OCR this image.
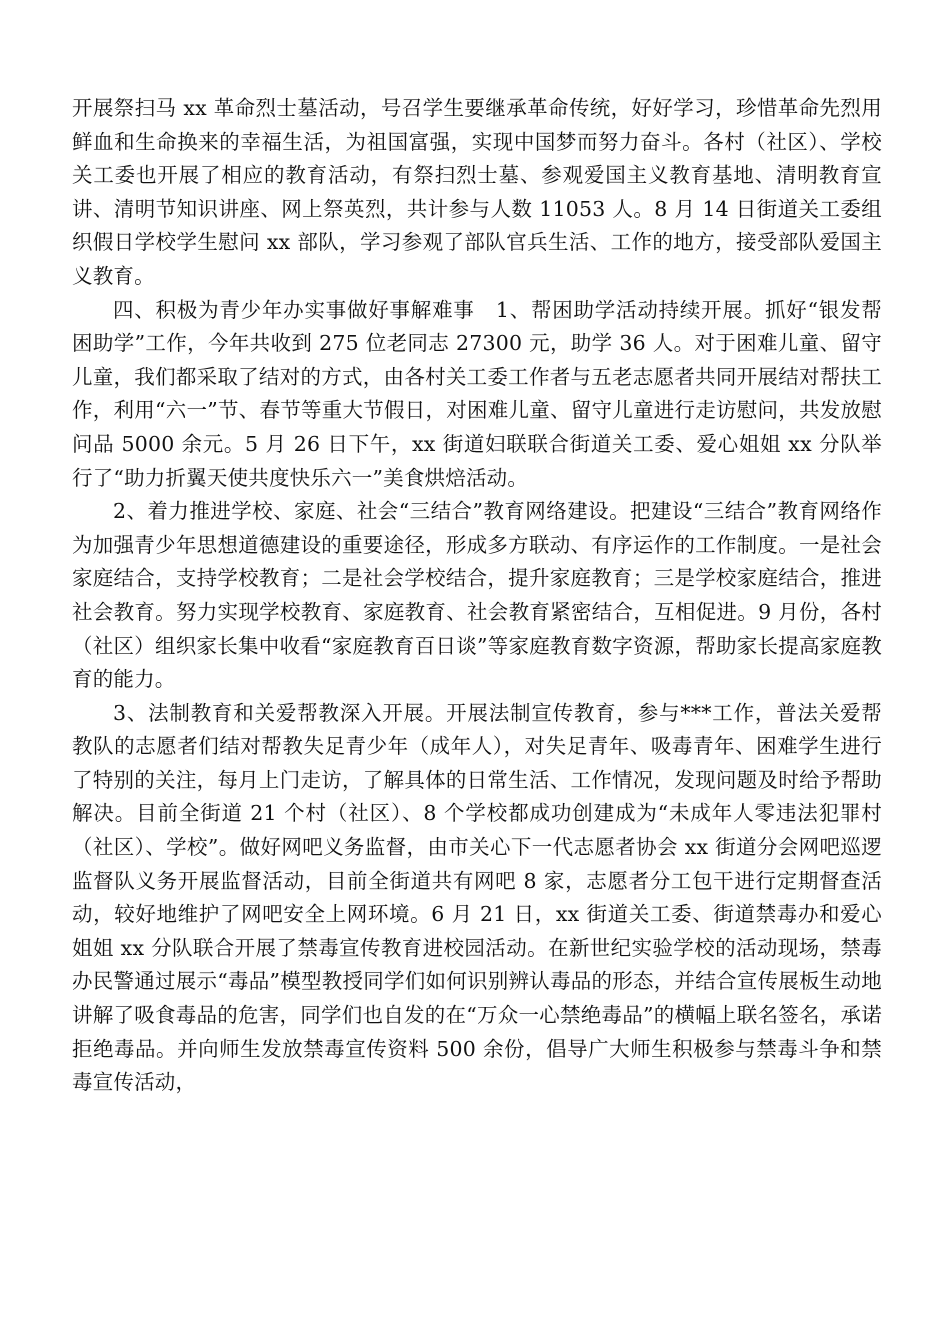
开展祭扫马 xx 革命烈士墓活动，号召学生要继承革命传统，好好学习，珍惜革命先烈用鲜血和生命换来的幸福生活，为祖国富强，实现中国梦而努力奋斗。各村（社区）、学校关工委也开展了相应的教育活动，有祭扫烈士墓、参观爱国主义教育基地、清明教育宣讲、清明节知识讲座、网上祭英烈，共计参与人数 11053 人。8 月 14 日街道关工委组织假日学校学生慰问 xx 部队，学习参观了部队官兵生活、工作的地方，接受部队爱国主义教育。

四、积极为青少年办实事做好事解难事　1、帮困助学活动持续开展。抓好“银发帮困助学”工作，今年共收到 275 位老同志 27300 元，助学 36 人。对于困难儿童、留守儿童，我们都采取了结对的方式，由各村关工委工作者与五老志愿者共同开展结对帮扶工作，利用“六一”节、春节等重大节假日，对困难儿童、留守儿童进行走访慰问，共发放慰问品 5000 余元。5 月 26 日下午，xx 街道妇联联合街道关工委、爱心姐姐 xx 分队举行了“助力折翼天使共度快乐六一”美食烘焙活动。

2、着力推进学校、家庭、社会“三结合”教育网络建设。把建设“三结合”教育网络作为加强青少年思想道德建设的重要途径，形成多方联动、有序运作的工作制度。一是社会家庭结合，支持学校教育；二是社会学校结合，提升家庭教育；三是学校家庭结合，推进社会教育。努力实现学校教育、家庭教育、社会教育紧密结合，互相促进。9 月份，各村（社区）组织家长集中收看“家庭教育百日谈”等家庭教育数字资源，帮助家长提高家庭教育的能力。

3、法制教育和关爱帮教深入开展。开展法制宣传教育，参与***工作，普法关爱帮教队的志愿者们结对帮教失足青少年（成年人），对失足青年、吸毒青年、困难学生进行了特别的关注，每月上门走访，了解具体的日常生活、工作情况，发现问题及时给予帮助解决。目前全街道 21 个村（社区）、8 个学校都成功创建成为“未成年人零违法犯罪村（社区）、学校”。做好网吧义务监督，由市关心下一代志愿者协会 xx 街道分会网吧巡逻监督队义务开展监督活动，目前全街道共有网吧 8 家，志愿者分工包干进行定期督查活动，较好地维护了网吧安全上网环境。6 月 21 日，xx 街道关工委、街道禁毒办和爱心姐姐 xx 分队联合开展了禁毒宣传教育进校园活动。在新世纪实验学校的活动现场，禁毒办民警通过展示“毒品”模型教授同学们如何识别辨认毒品的形态，并结合宣传展板生动地讲解了吸食毒品的危害，同学们也自发的在“万众一心禁绝毒品”的横幅上联名签名，承诺拒绝毒品。并向师生发放禁毒宣传资料 500 余份，倡导广大师生积极参与禁毒斗争和禁毒宣传活动，
